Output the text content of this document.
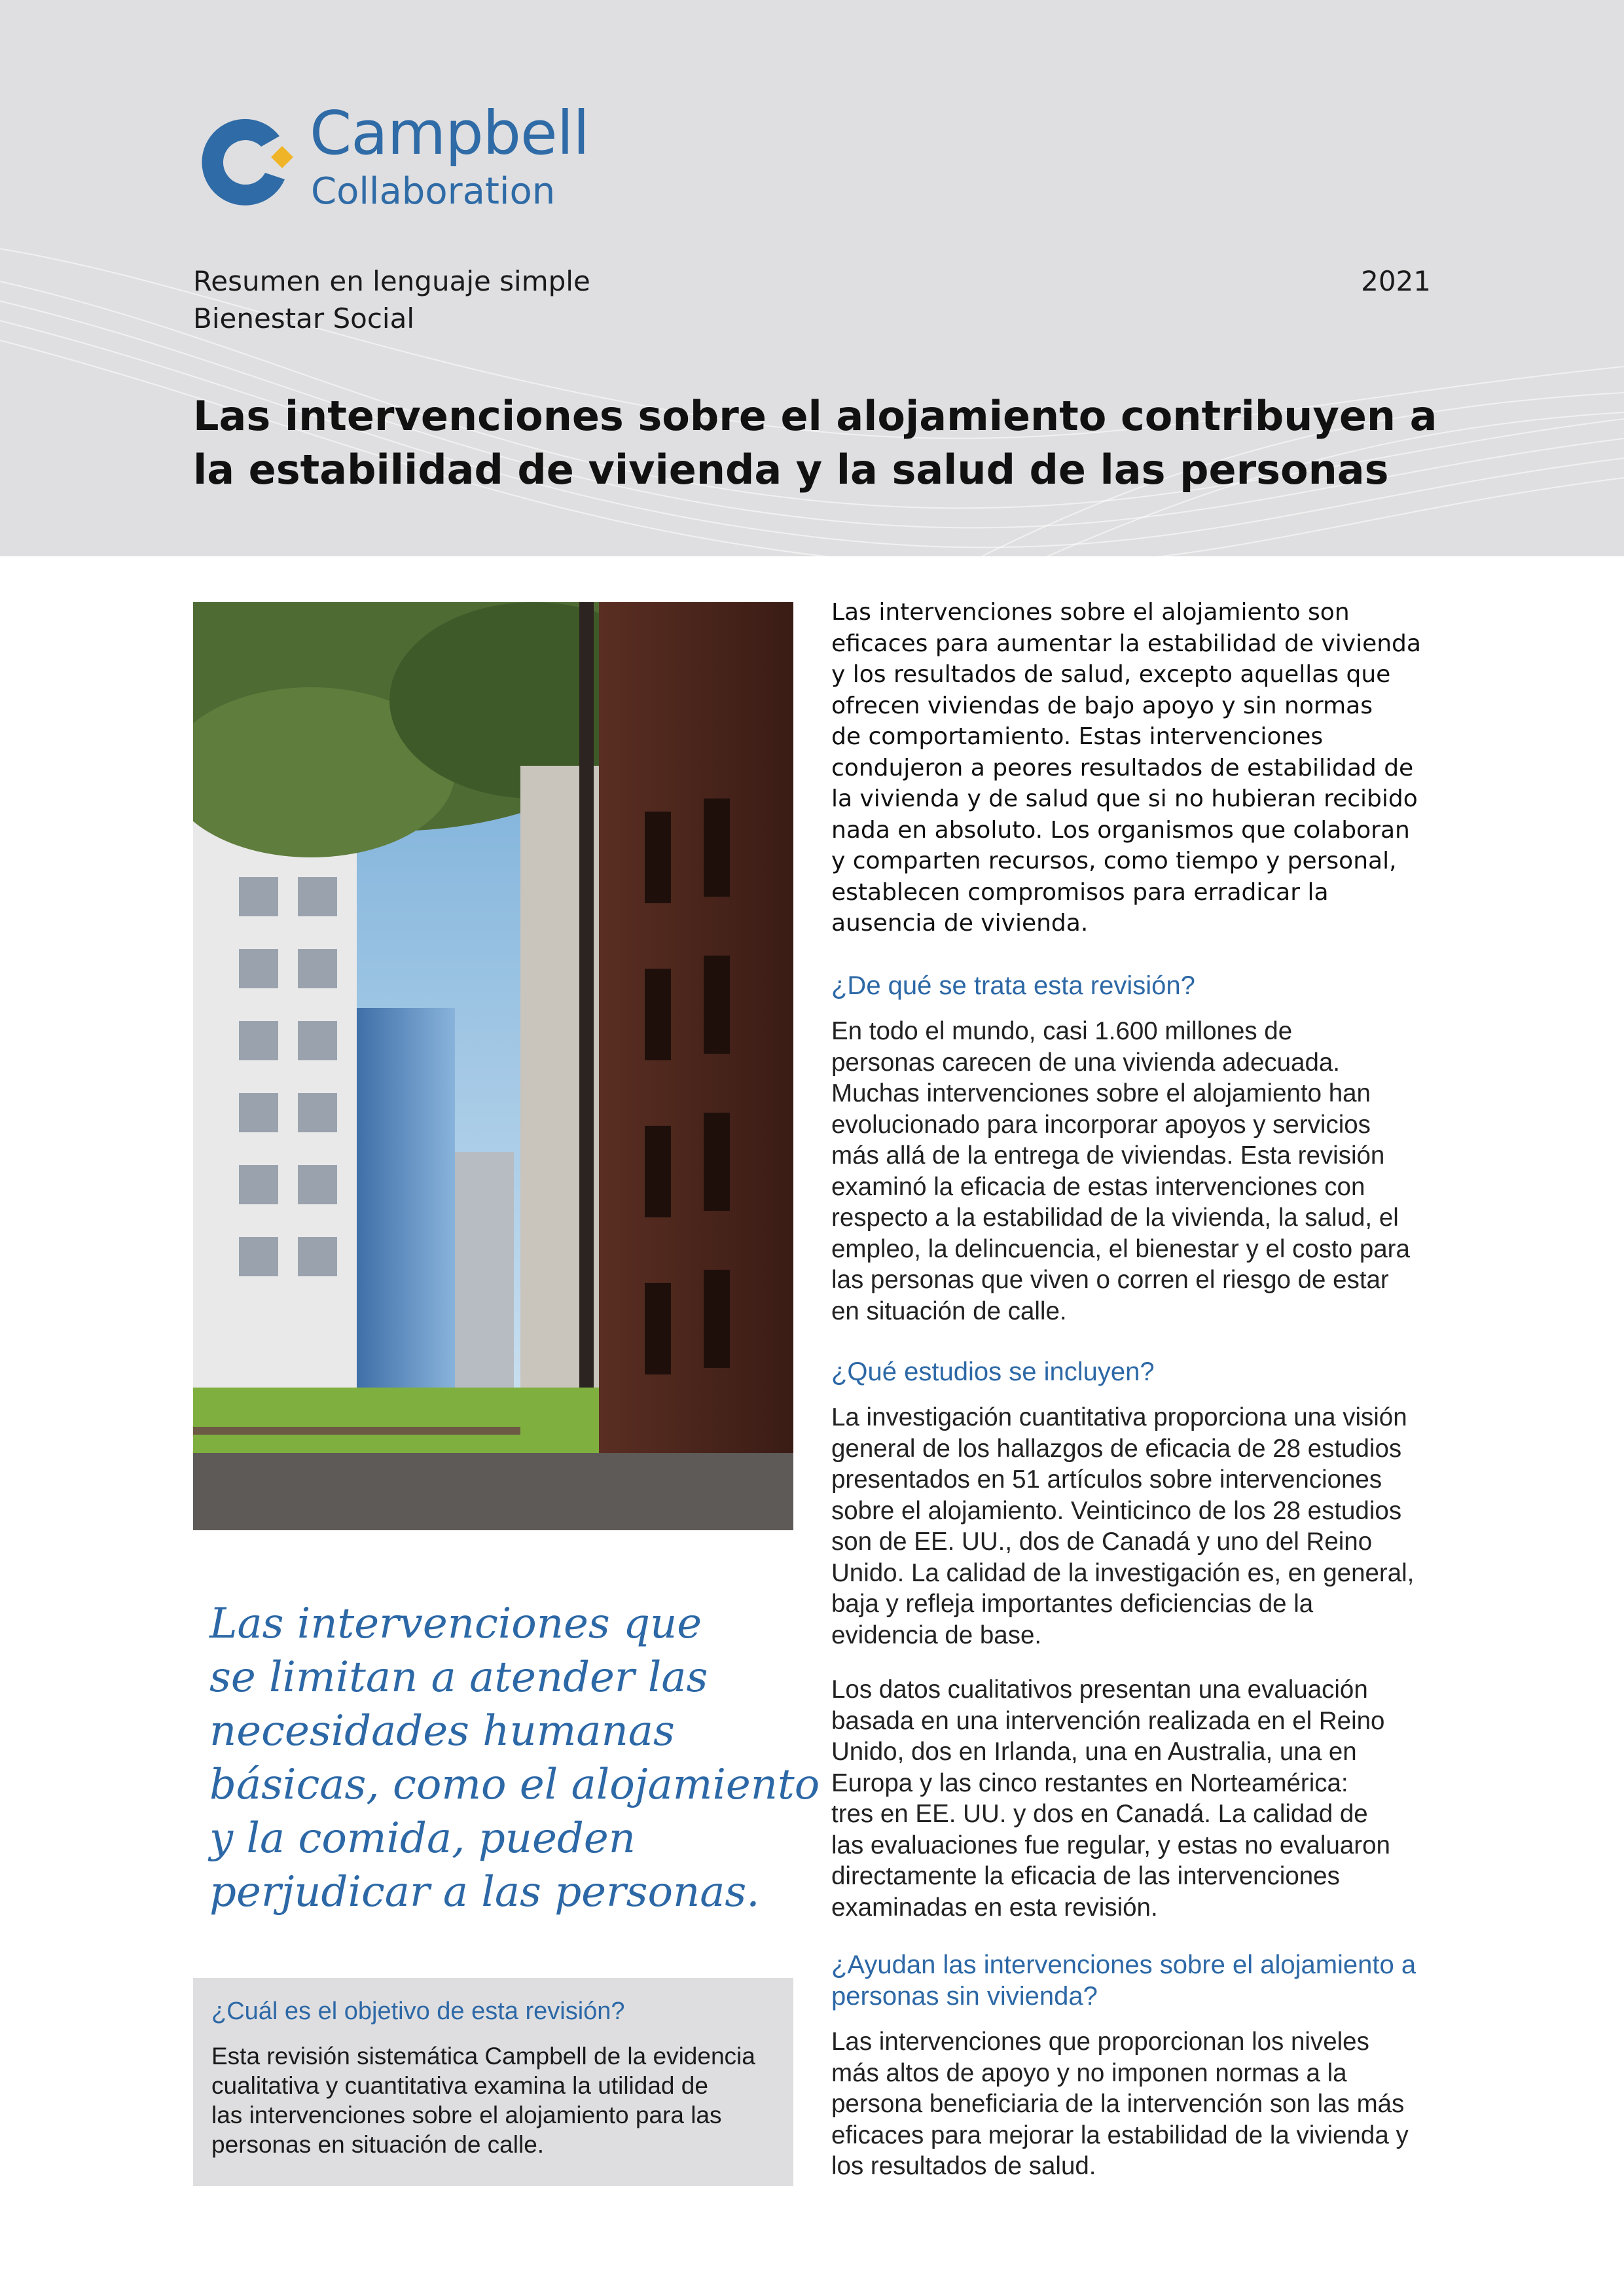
Campbell
Collaboration
Resumen en lenguaje simple
Bienestar Social
2021
Las intervenciones sobre el alojamiento contribuyen a
la estabilidad de vivienda y la salud de las personas
Las intervenciones que
se limitan a atender las
necesidades humanas
básicas, como el alojamiento
y la comida, pueden
perjudicar a las personas.
¿Cuál es el objetivo de esta revisión?
Esta revisión sistemática Campbell de la evidencia
cualitativa y cuantitativa examina la utilidad de
las intervenciones sobre el alojamiento para las
personas en situación de calle.
Las intervenciones sobre el alojamiento son
eficaces para aumentar la estabilidad de vivienda
y los resultados de salud, excepto aquellas que
ofrecen viviendas de bajo apoyo y sin normas
de comportamiento. Estas intervenciones
condujeron a peores resultados de estabilidad de
la vivienda y de salud que si no hubieran recibido
nada en absoluto. Los organismos que colaboran
y comparten recursos, como tiempo y personal,
establecen compromisos para erradicar la
ausencia de vivienda.
¿De qué se trata esta revisión?
En todo el mundo, casi 1.600 millones de
personas carecen de una vivienda adecuada.
Muchas intervenciones sobre el alojamiento han
evolucionado para incorporar apoyos y servicios
más allá de la entrega de viviendas. Esta revisión
examinó la eficacia de estas intervenciones con
respecto a la estabilidad de la vivienda, la salud, el
empleo, la delincuencia, el bienestar y el costo para
las personas que viven o corren el riesgo de estar
en situación de calle.
¿Qué estudios se incluyen?
La investigación cuantitativa proporciona una visión
general de los hallazgos de eficacia de 28 estudios
presentados en 51 artículos sobre intervenciones
sobre el alojamiento. Veinticinco de los 28 estudios
son de EE. UU., dos de Canadá y uno del Reino
Unido. La calidad de la investigación es, en general,
baja y refleja importantes deficiencias de la
evidencia de base.
Los datos cualitativos presentan una evaluación
basada en una intervención realizada en el Reino
Unido, dos en Irlanda, una en Australia, una en
Europa y las cinco restantes en Norteamérica:
tres en EE. UU. y dos en Canadá. La calidad de
las evaluaciones fue regular, y estas no evaluaron
directamente la eficacia de las intervenciones
examinadas en esta revisión.
¿Ayudan las intervenciones sobre el alojamiento a
personas sin vivienda?
Las intervenciones que proporcionan los niveles
más altos de apoyo y no imponen normas a la
persona beneficiaria de la intervención son las más
eficaces para mejorar la estabilidad de la vivienda y
los resultados de salud.
